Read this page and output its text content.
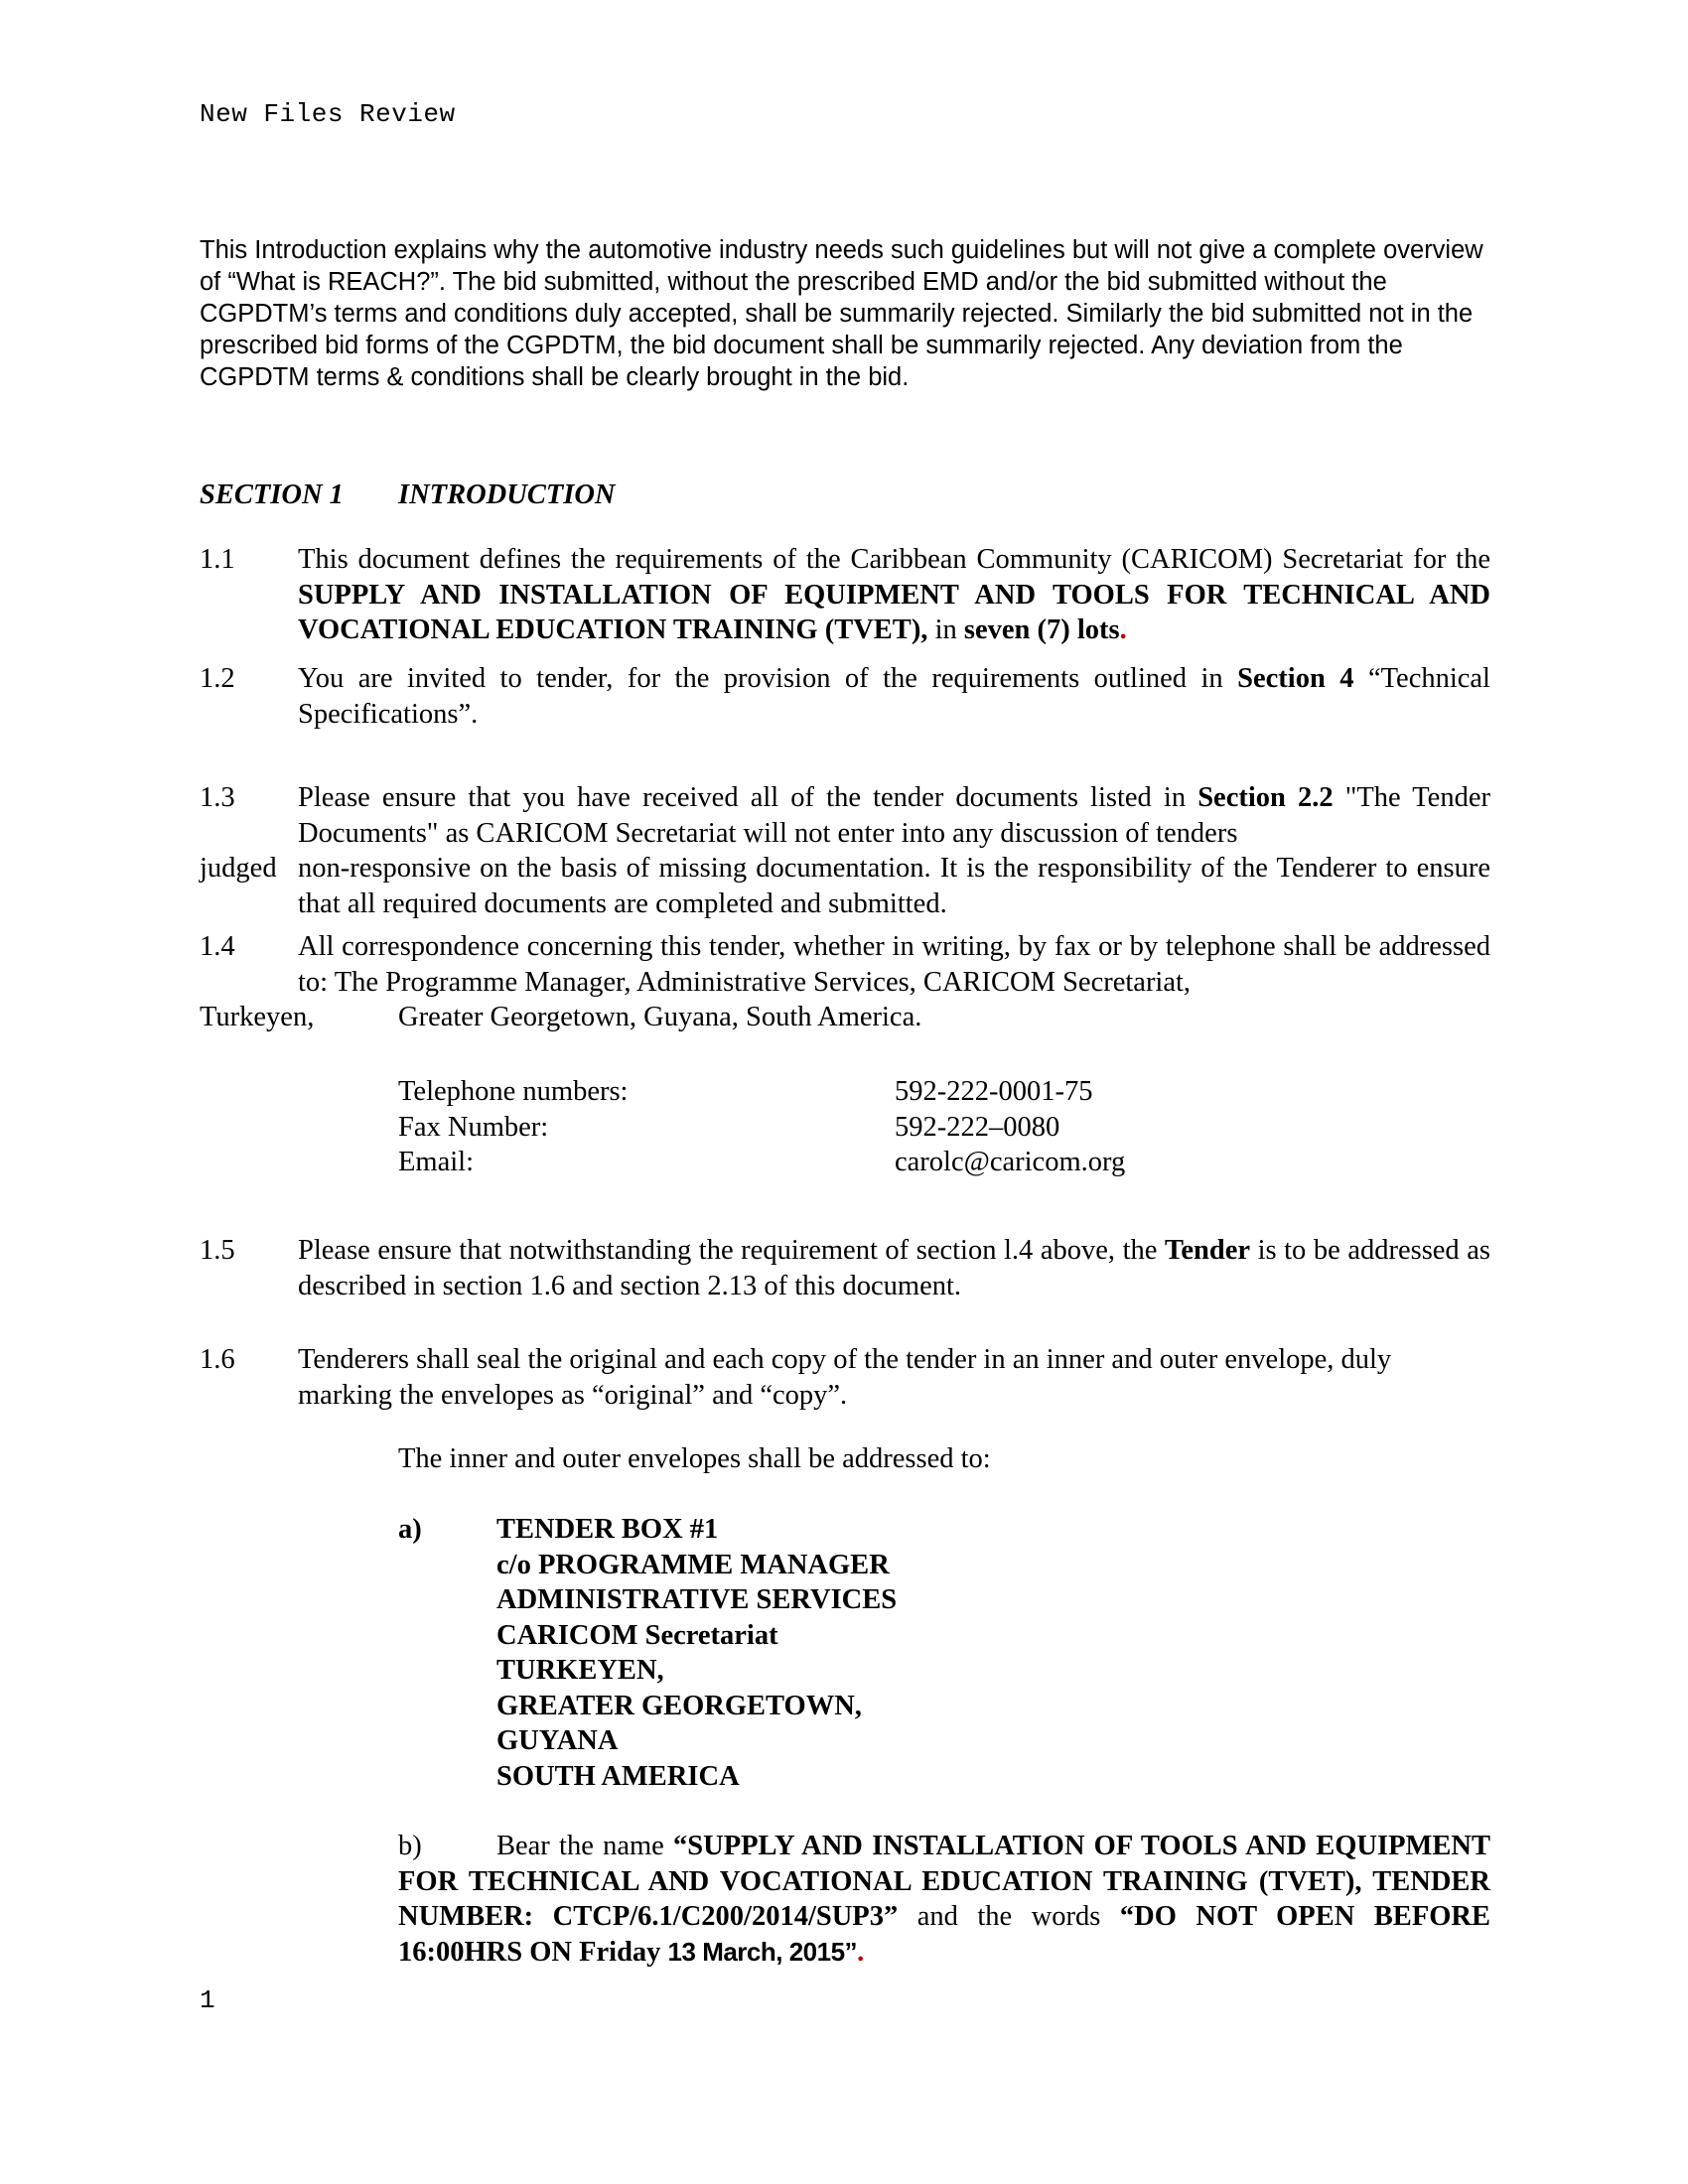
New Files Review

This Introduction explains why the automotive industry needs such guidelines but will not give a complete overview of “What is REACH?”. The bid submitted, without the prescribed EMD and/or the bid submitted without the CGPDTM’s terms and conditions duly accepted, shall be summarily rejected. Similarly the bid submitted not in the prescribed bid forms of the CGPDTM, the bid document shall be summarily rejected. Any deviation from the CGPDTM terms & conditions shall be clearly brought in the bid.

SECTION 1 INTRODUCTION
1.1 This document defines the requirements of the Caribbean Community (CARICOM) Secretariat for the SUPPLY AND INSTALLATION OF EQUIPMENT AND TOOLS FOR TECHNICAL AND VOCATIONAL EDUCATION TRAINING (TVET), in seven (7) lots.
1.2 You are invited to tender, for the provision of the requirements outlined in Section 4 “Technical Specifications”.
1.3 Please ensure that you have received all of the tender documents listed in Section 2.2 "The Tender Documents" as CARICOM Secretariat will not enter into any discussion of tenders
judged non-responsive on the basis of missing documentation. It is the responsibility of the Tenderer to ensure that all required documents are completed and submitted.
1.4 All correspondence concerning this tender, whether in writing, by fax or by telephone shall be addressed to: The Programme Manager, Administrative Services, CARICOM Secretariat,
Turkeyen,	Greater Georgetown, Guyana, South America.
Telephone numbers:	592-222-0001-75
Fax Number:	592-222–0080
Email:	carolc@caricom.org
1.5 Please ensure that notwithstanding the requirement of section l.4 above, the Tender is to be addressed as described in section 1.6 and section 2.13 of this document.
1.6 Tenderers shall seal the original and each copy of the tender in an inner and outer envelope, duly marking the envelopes as “original” and “copy”.
The inner and outer envelopes shall be addressed to:
a)	TENDER BOX #1
c/o PROGRAMME MANAGER
ADMINISTRATIVE SERVICES
CARICOM Secretariat
TURKEYEN,
GREATER GEORGETOWN,
GUYANA
SOUTH AMERICA
b)	Bear the name “SUPPLY AND INSTALLATION OF TOOLS AND EQUIPMENT FOR TECHNICAL AND VOCATIONAL EDUCATION TRAINING (TVET), TENDER NUMBER: CTCP/6.1/C200/2014/SUP3” and the words “DO NOT OPEN BEFORE 16:00HRS ON Friday 13 March, 2015”.
1
